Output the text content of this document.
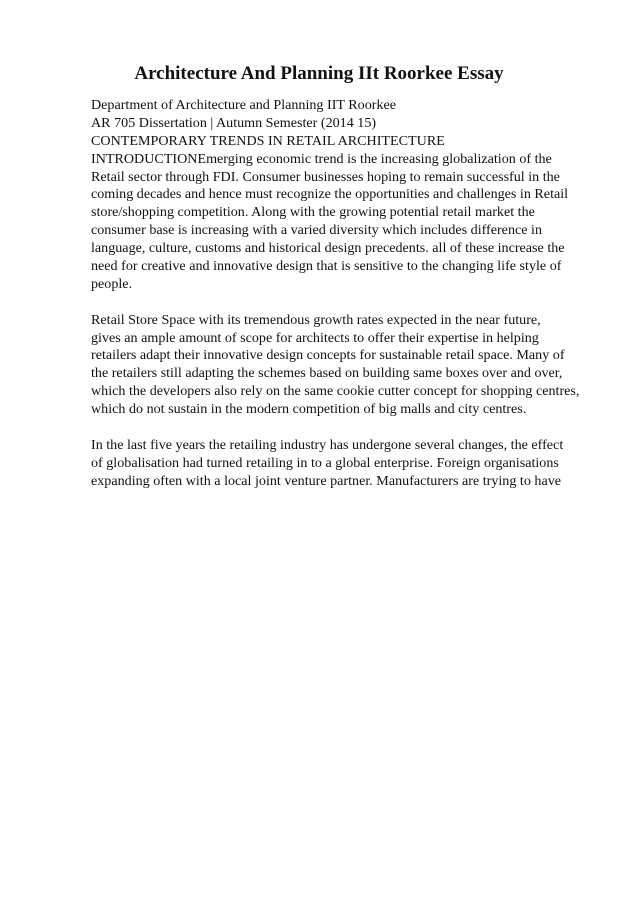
Architecture And Planning IIt Roorkee Essay
Department of Architecture and Planning IIT Roorkee
AR 705 Dissertation | Autumn Semester (2014 15)
CONTEMPORARY TRENDS IN RETAIL ARCHITECTURE
INTRODUCTIONEmerging economic trend is the increasing globalization of the
Retail sector through FDI. Consumer businesses hoping to remain successful in the
coming decades and hence must recognize the opportunities and challenges in Retail
store/shopping competition. Along with the growing potential retail market the
consumer base is increasing with a varied diversity which includes difference in
language, culture, customs and historical design precedents. all of these increase the
need for creative and innovative design that is sensitive to the changing life style of
people.
Retail Store Space with its tremendous growth rates expected in the near future,
gives an ample amount of scope for architects to offer their expertise in helping
retailers adapt their innovative design concepts for sustainable retail space. Many of
the retailers still adapting the schemes based on building same boxes over and over,
which the developers also rely on the same cookie cutter concept for shopping centres,
which do not sustain in the modern competition of big malls and city centres.
In the last five years the retailing industry has undergone several changes, the effect
of globalisation had turned retailing in to a global enterprise. Foreign organisations
expanding often with a local joint venture partner. Manufacturers are trying to have
